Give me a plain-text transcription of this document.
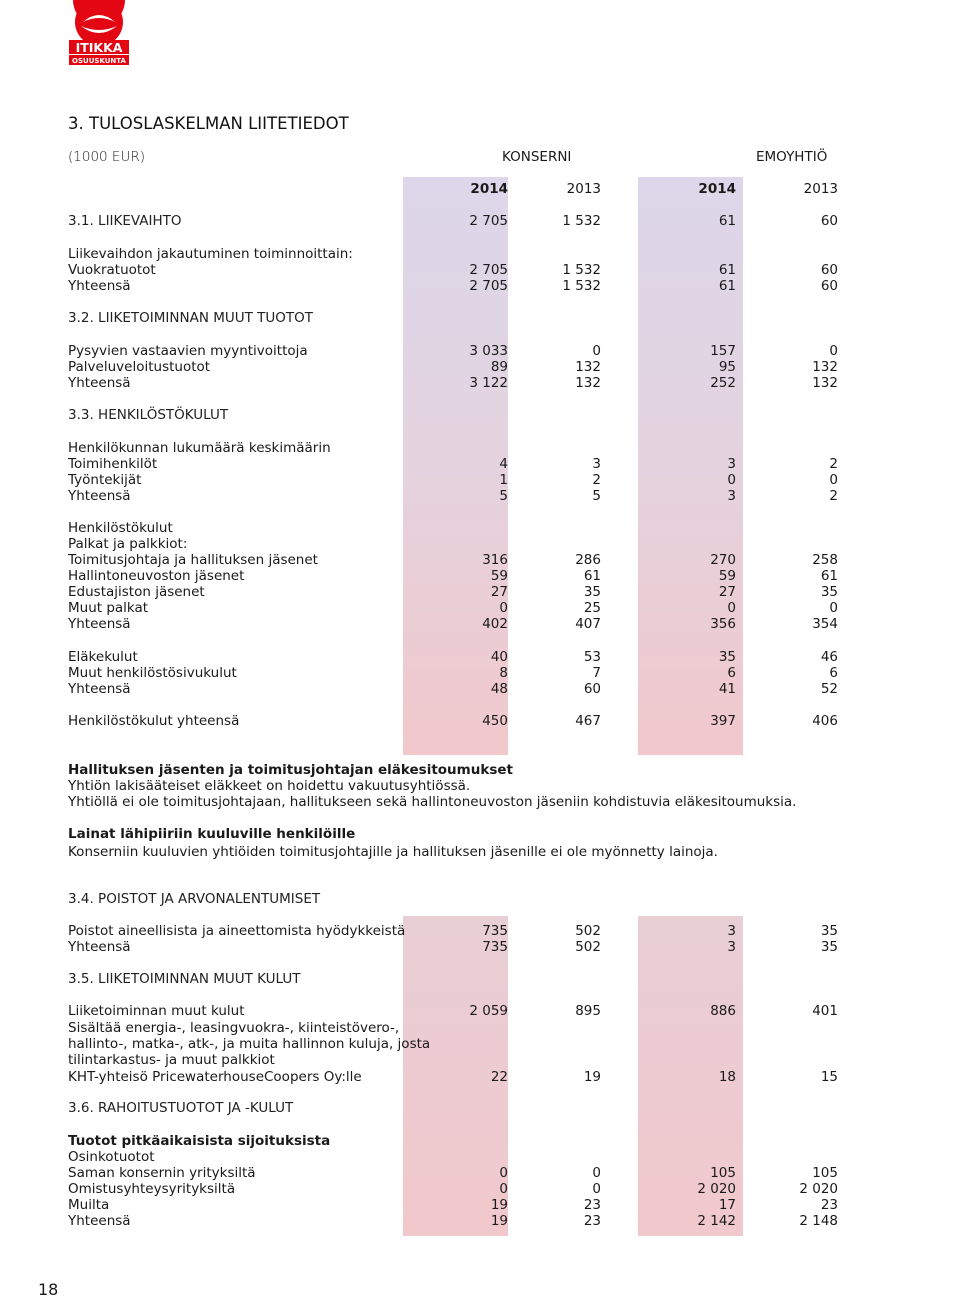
ITIKKA
OSUUSKUNTA
3. TULOSLASKELMAN LIITETIEDOT
(1000 EUR)	KONSERNI	EMOYHTIÖ
2014	2013	2014	2013
3.1. LIIKEVAIHTO	2 705	1 532	61	60
Liikevaihdon jakautuminen toiminnoittain:
Vuokratuotot	2 705	1 532	61	60
Yhteensä	2 705	1 532	61	60
3.2. LIIKETOIMINNAN MUUT TUOTOT
Pysyvien vastaavien myyntivoittoja	3 033	0	157	0
Palveluveloitustuotot	89	132	95	132
Yhteensä	3 122	132	252	132
3.3. HENKILÖSTÖKULUT
Henkilökunnan lukumäärä keskimäärin
Toimihenkilöt	4	3	3	2
Työntekijät	1	2	0	0
Yhteensä	5	5	3	2
Henkilöstökulut
Palkat ja palkkiot:
Toimitusjohtaja ja hallituksen jäsenet	316	286	270	258
Hallintoneuvoston jäsenet	59	61	59	61
Edustajiston jäsenet	27	35	27	35
Muut palkat	0	25	0	0
Yhteensä	402	407	356	354
Eläkekulut	40	53	35	46
Muut henkilöstösivukulut	8	7	6	6
Yhteensä	48	60	41	52
Henkilöstökulut yhteensä	450	467	397	406
Hallituksen jäsenten ja toimitusjohtajan eläkesitoumukset
Yhtiön lakisääteiset eläkkeet on hoidettu vakuutusyhtiössä.
Yhtiöllä ei ole toimitusjohtajaan, hallitukseen sekä hallintoneuvoston jäseniin kohdistuvia eläkesitoumuksia.
Lainat lähipiiriin kuuluville henkilöille
Konserniin kuuluvien yhtiöiden toimitusjohtajille ja hallituksen jäsenille ei ole myönnetty lainoja.
3.4. POISTOT JA ARVONALENTUMISET
Poistot aineellisista ja aineettomista hyödykkeistä	735	502	3	35
Yhteensä	735	502	3	35
3.5. LIIKETOIMINNAN MUUT KULUT
Liiketoiminnan muut kulut	2 059	895	886	401
Sisältää energia-, leasingvuokra-, kiinteistövero-,
hallinto-, matka-, atk-, ja muita hallinnon kuluja, josta
tilintarkastus- ja muut palkkiot
KHT-yhteisö PricewaterhouseCoopers Oy:lle	22	19	18	15
3.6. RAHOITUSTUOTOT JA -KULUT
Tuotot pitkäaikaisista sijoituksista
Osinkotuotot
Saman konsernin yrityksiltä	0	0	105	105
Omistusyhteysyrityksiltä	0	0	2 020	2 020
Muilta	19	23	17	23
Yhteensä	19	23	2 142	2 148
18
